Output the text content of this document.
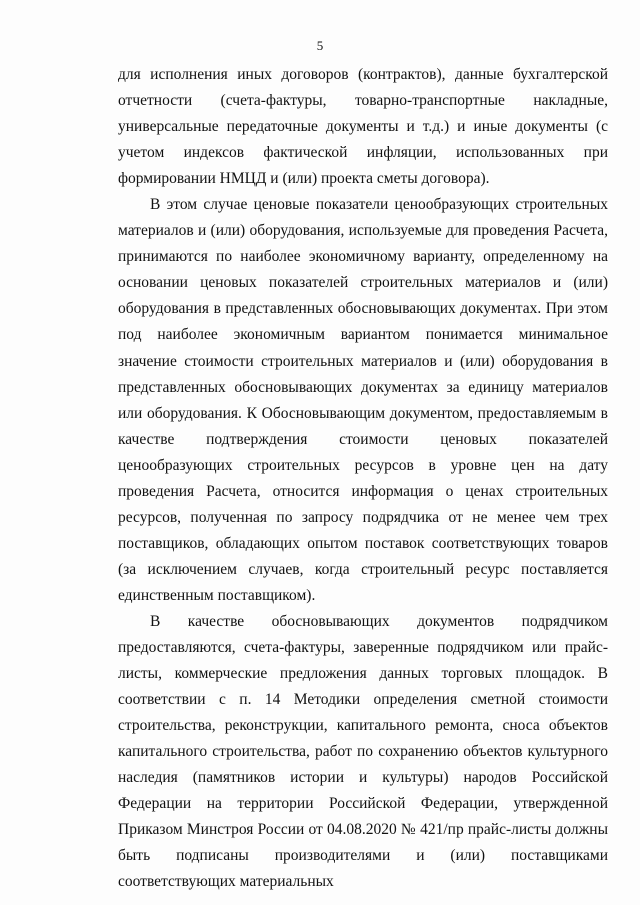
5

для исполнения иных договоров (контрактов), данные бухгалтерской отчетности (счета-фактуры, товарно-транспортные накладные, универсальные передаточные документы и т.д.) и иные документы (с учетом индексов фактической инфляции, использованных при формировании НМЦД и (или) проекта сметы договора).

В этом случае ценовые показатели ценообразующих строительных материалов и (или) оборудования, используемые для проведения Расчета, принимаются по наиболее экономичному варианту, определенному на основании ценовых показателей строительных материалов и (или) оборудования в представленных обосновывающих документах. При этом под наиболее экономичным вариантом понимается минимальное значение стоимости строительных материалов и (или) оборудования в представленных обосновывающих документах за единицу материалов или оборудования. К Обосновывающим документом, предоставляемым в качестве подтверждения стоимости ценовых показателей ценообразующих строительных ресурсов в уровне цен на дату проведения Расчета, относится информация о ценах строительных ресурсов, полученная по запросу подрядчика от не менее чем трех поставщиков, обладающих опытом поставок соответствующих товаров (за исключением случаев, когда строительный ресурс поставляется единственным поставщиком).

В качестве обосновывающих документов подрядчиком предоставляются, счета-фактуры, заверенные подрядчиком или прайс-листы, коммерческие предложения данных торговых площадок. В соответствии с п. 14 Методики определения сметной стоимости строительства, реконструкции, капитального ремонта, сноса объектов капитального строительства, работ по сохранению объектов культурного наследия (памятников истории и культуры) народов Российской Федерации на территории Российской Федерации, утвержденной Приказом Минстроя России от 04.08.2020 № 421/пр прайс-листы должны быть подписаны производителями и (или) поставщиками соответствующих материальных
